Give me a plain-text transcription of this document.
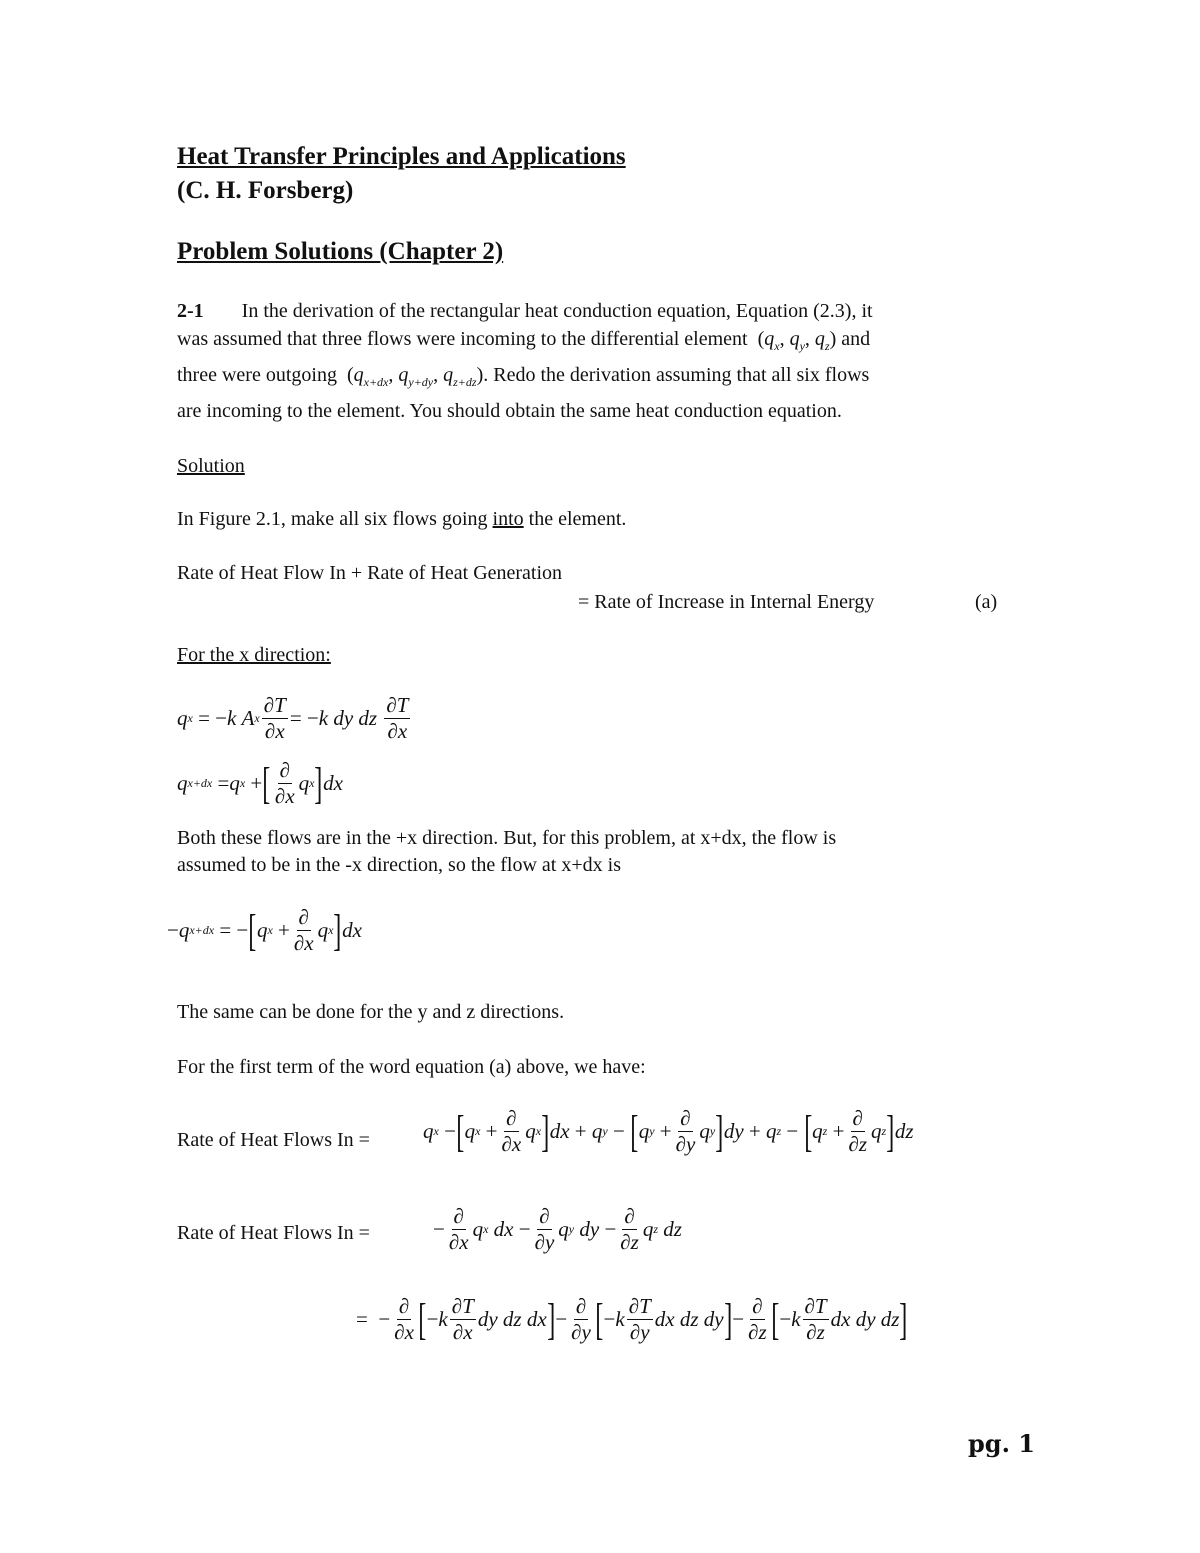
Heat Transfer Principles and Applications
(C. H. Forsberg)
Problem Solutions (Chapter 2)
2-1 In the derivation of the rectangular heat conduction equation, Equation (2.3), it
was assumed that three flows were incoming to the differential element  ($q_x$, $q_y$, $q_z$) and
three were outgoing  ($q_{x+dx}$, $q_{y+dy}$, $q_{z+dz}$). Redo the derivation assuming that all six flows
are incoming to the element. You should obtain the same heat conduction equation.
Solution
In Figure 2.1, make all six flows going into the element.
Rate of Heat Flow In + Rate of Heat Generation
= Rate of Increase in Internal Energy	(a)
For the x direction:
q x = − k
A x $\frac{\partial T}{\partial x}$ = − k
dy
dz
$\frac{\partial T}{\partial x}$
q x+dx = q x + [ $\frac{\partial}{\partial x}$ q x ] dx
Both these flows are in the +x direction. But, for this problem, at x+dx, the flow is
assumed to be in the -x direction, so the flow at x+dx is
− q x+dx = − [ q $x + \frac{\partial}{\partial x}$ q x ] dx
The same can be done for the y and z directions.
For the first term of the word equation (a) above, we have:
Rate of Heat Flows In =	q x − [ q $x + \frac{\partial}{\partial x}$ q x ] dx + q y − [ q $y + \frac{\partial}{\partial y}$ q y ] dy + q z − [ q $z + \frac{\partial}{\partial z}$ q z ] dz
Rate of Heat Flows In =	− $\frac{\partial}{\partial x}$ q x
dx − $\frac{\partial}{\partial y}$ q y
dy − $\frac{\partial}{\partial z}$ q z
dz
=  − $\frac{\partial}{\partial x}$ [ − k $\frac{\partial T}{\partial x}$ dy
dz
dx ] − $\frac{\partial}{\partial y}$ [ − k $\frac{\partial T}{\partial y}$ dx
dz
dy ] − $\frac{\partial}{\partial z}$ [ − k $\frac{\partial T}{\partial z}$ dx
dy
dz ]
pg. 1
